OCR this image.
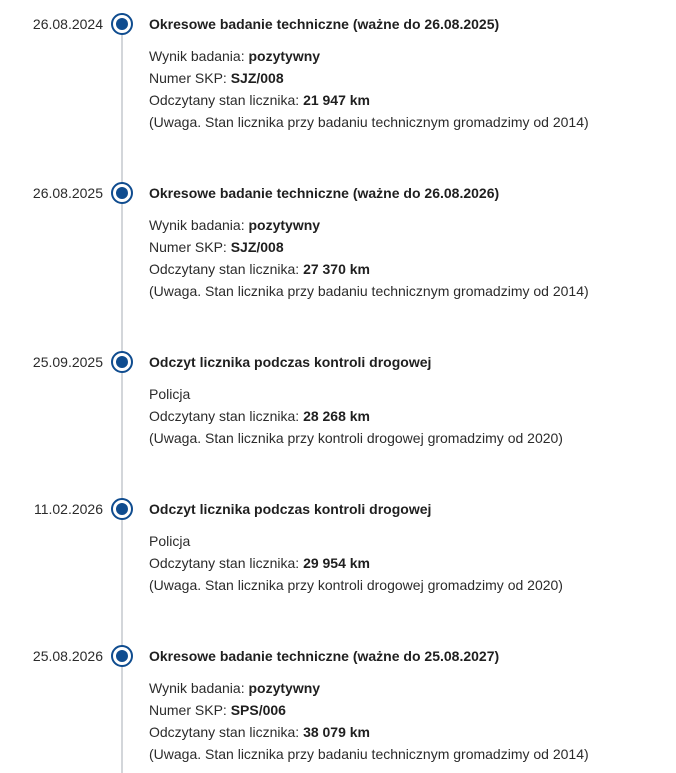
26.08.2024	Okresowe badanie techniczne (ważne do 26.08.2025)
Wynik badania: pozytywny
Numer SKP: SJZ/008
Odczytany stan licznika: 21 947 km
(Uwaga. Stan licznika przy badaniu technicznym gromadzimy od 2014)
26.08.2025	Okresowe badanie techniczne (ważne do 26.08.2026)
Wynik badania: pozytywny
Numer SKP: SJZ/008
Odczytany stan licznika: 27 370 km
(Uwaga. Stan licznika przy badaniu technicznym gromadzimy od 2014)
25.09.2025	Odczyt licznika podczas kontroli drogowej
Policja
Odczytany stan licznika: 28 268 km
(Uwaga. Stan licznika przy kontroli drogowej gromadzimy od 2020)
11.02.2026	Odczyt licznika podczas kontroli drogowej
Policja
Odczytany stan licznika: 29 954 km
(Uwaga. Stan licznika przy kontroli drogowej gromadzimy od 2020)
25.08.2026	Okresowe badanie techniczne (ważne do 25.08.2027)
Wynik badania: pozytywny
Numer SKP: SPS/006
Odczytany stan licznika: 38 079 km
(Uwaga. Stan licznika przy badaniu technicznym gromadzimy od 2014)
